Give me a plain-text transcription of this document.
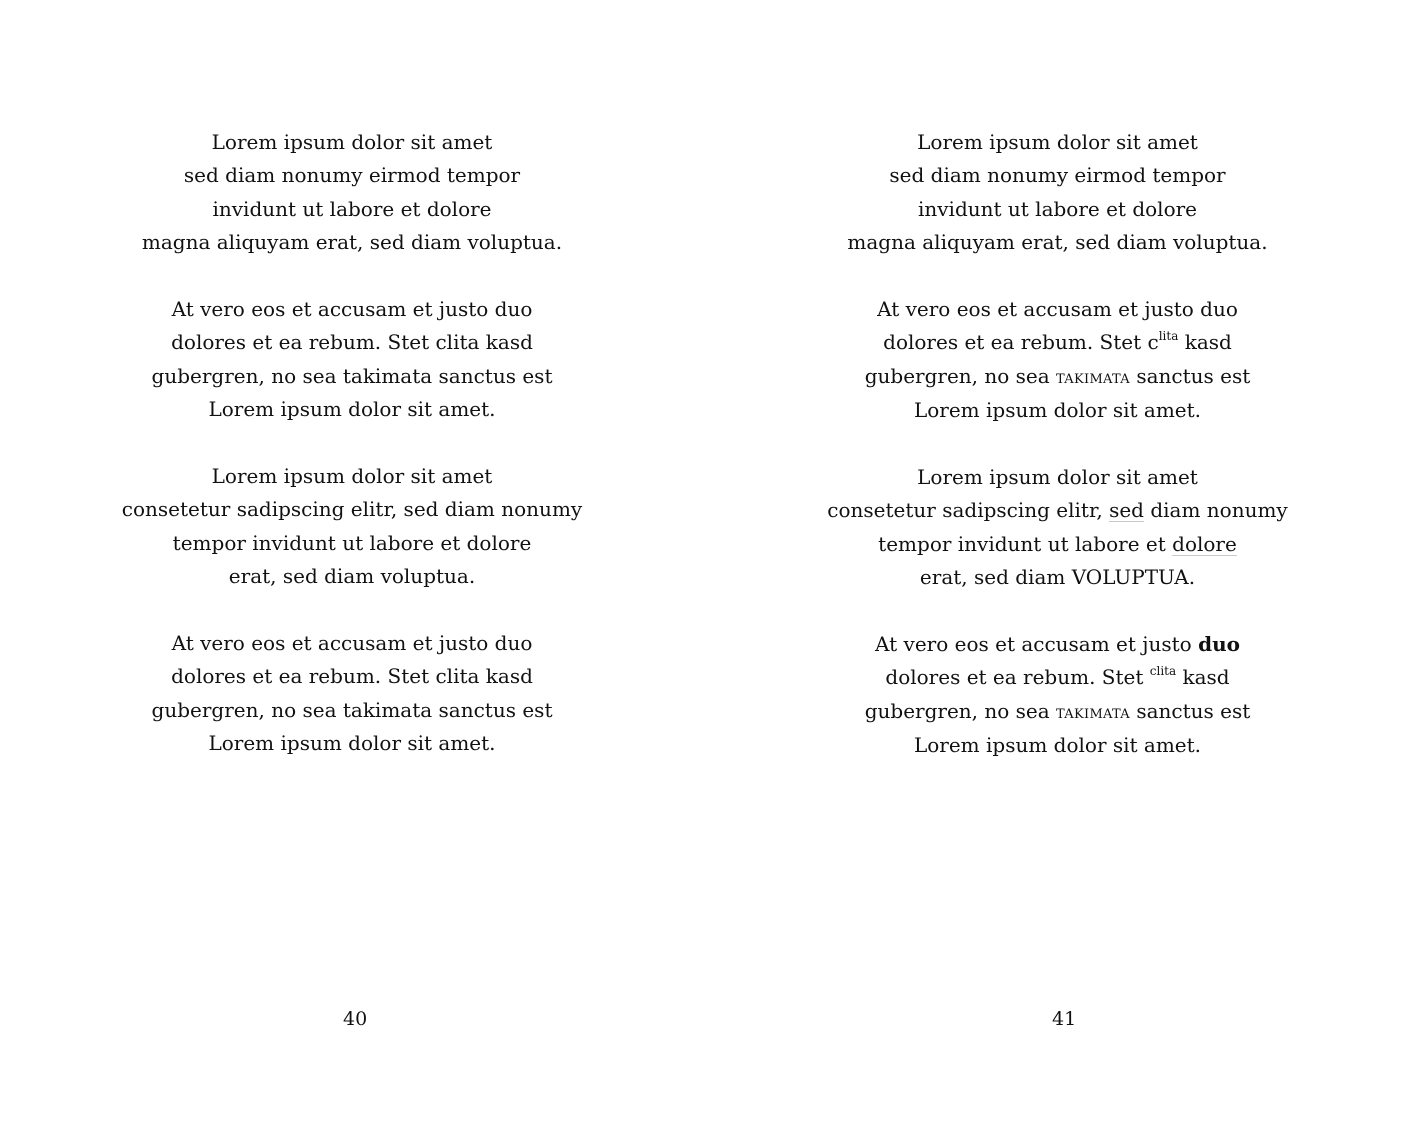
Lorem ipsum dolor sit amet
sed diam nonumy eirmod tempor
invidunt ut labore et dolore
magna aliquyam erat, sed diam voluptua.
At vero eos et accusam et justo duo
dolores et ea rebum. Stet clita kasd
gubergren, no sea takimata sanctus est
Lorem ipsum dolor sit amet.
Lorem ipsum dolor sit amet
consetetur sadipscing elitr, sed diam nonumy
tempor invidunt ut labore et dolore
erat, sed diam voluptua.
At vero eos et accusam et justo duo
dolores et ea rebum. Stet clita kasd
gubergren, no sea takimata sanctus est
Lorem ipsum dolor sit amet.
40
Lorem ipsum dolor sit amet
sed diam nonumy eirmod tempor
invidunt ut labore et dolore
magna aliquyam erat, sed diam voluptua.
At vero eos et accusam et justo duo
dolores et ea rebum. Stet $c^{lita}$ kasd
gubergren, no sea takimata sanctus est
Lorem ipsum dolor sit amet.
Lorem ipsum dolor sit amet
consetetur sadipscing elitr, sed diam nonumy
tempor invidunt ut labore et dolore
erat, sed diam VOLUPTUA.
At vero eos et accusam et justo duo
dolores et ea rebum. Stet $^{clita}$ kasd
gubergren, no sea takimata sanctus est
Lorem ipsum dolor sit amet.
41
